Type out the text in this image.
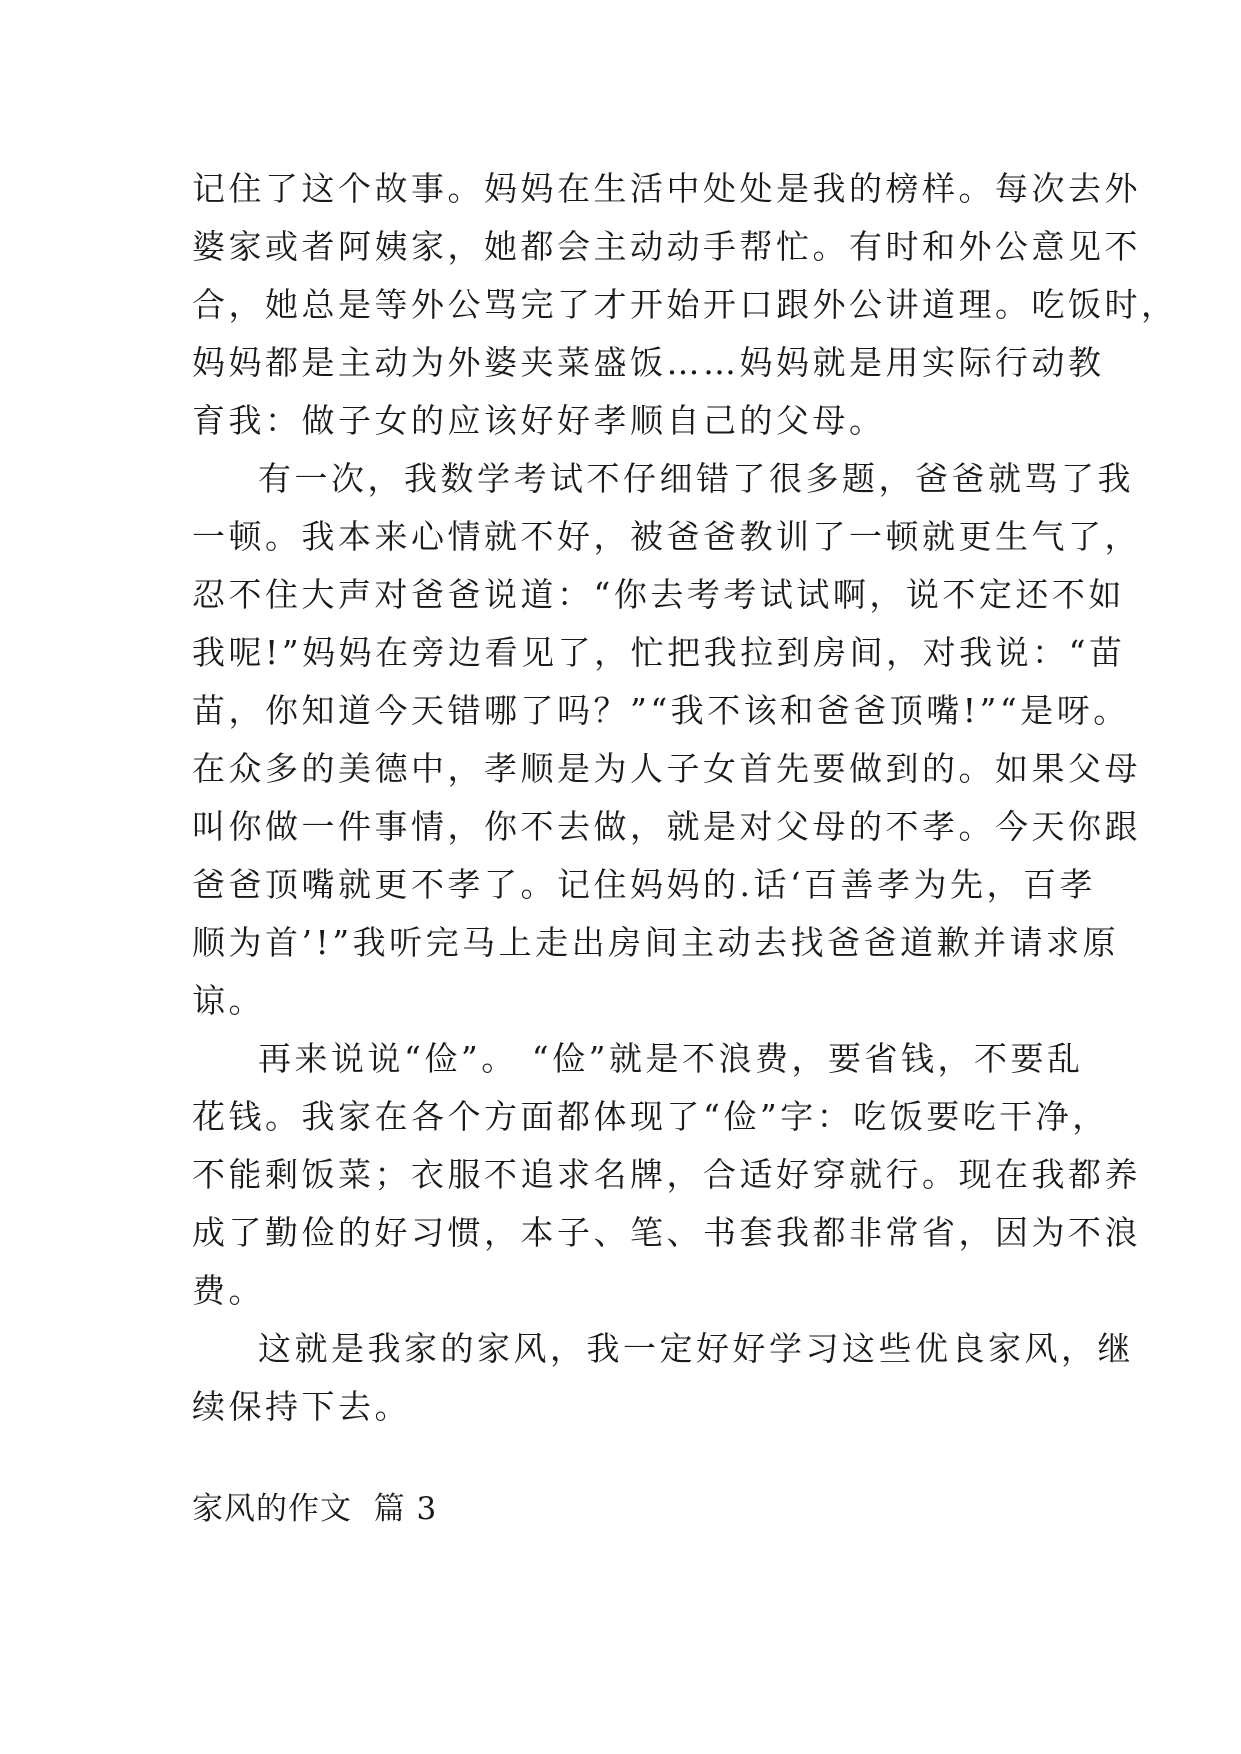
记住了这个故事。妈妈在生活中处处是我的榜样。每次去外
婆家或者阿姨家，她都会主动动手帮忙。有时和外公意见不
合，她总是等外公骂完了才开始开口跟外公讲道理。吃饭时，
妈妈都是主动为外婆夹菜盛饭……妈妈就是用实际行动教
育我：做子女的应该好好孝顺自己的父母。
有一次，我数学考试不仔细错了很多题，爸爸就骂了我
一顿。我本来心情就不好，被爸爸教训了一顿就更生气了，
忍不住大声对爸爸说道：“你去考考试试啊，说不定还不如
我呢!”妈妈在旁边看见了，忙把我拉到房间，对我说：“苗
苗，你知道今天错哪了吗？”“我不该和爸爸顶嘴!”“是呀。
在众多的美德中，孝顺是为人子女首先要做到的。如果父母
叫你做一件事情，你不去做，就是对父母的不孝。今天你跟
爸爸顶嘴就更不孝了。记住妈妈的.话‘百善孝为先，百孝
顺为首’!”我听完马上走出房间主动去找爸爸道歉并请求原
谅。
再来说说“俭”。 “俭”就是不浪费，要省钱，不要乱
花钱。我家在各个方面都体现了“俭”字：吃饭要吃干净，
不能剩饭菜；衣服不追求名牌，合适好穿就行。现在我都养
成了勤俭的好习惯，本子、笔、书套我都非常省，因为不浪
费。
这就是我家的家风，我一定好好学习这些优良家风，继
续保持下去。
家风的作文  篇 3
